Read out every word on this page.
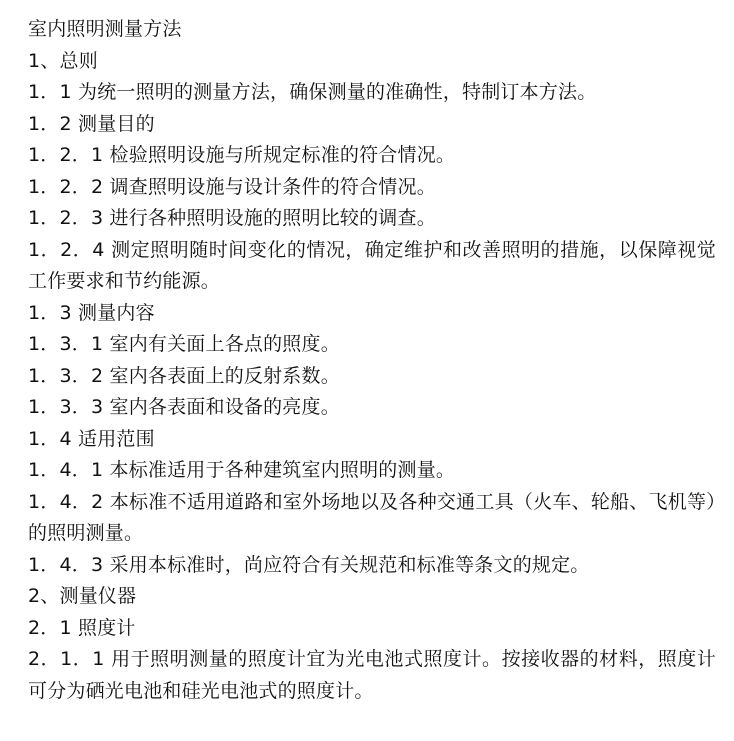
室内照明测量方法
1、总则
1．1 为统一照明的测量方法，确保测量的准确性，特制订本方法。
1．2 测量目的
1．2．1 检验照明设施与所规定标准的符合情况。
1．2．2 调查照明设施与设计条件的符合情况。
1．2．3 进行各种照明设施的照明比较的调查。
1．2．4 测定照明随时间变化的情况，确定维护和改善照明的措施，以保障视觉工作要求和节约能源。
1．3 测量内容
1．3．1 室内有关面上各点的照度。
1．3．2 室内各表面上的反射系数。
1．3．3 室内各表面和设备的亮度。
1．4 适用范围
1．4．1 本标准适用于各种建筑室内照明的测量。
1．4．2 本标准不适用道路和室外场地以及各种交通工具（火车、轮船、飞机等）的照明测量。
1．4．3 采用本标准时，尚应符合有关规范和标准等条文的规定。
2、测量仪器
2．1 照度计
2．1．1 用于照明测量的照度计宜为光电池式照度计。按接收器的材料，照度计可分为硒光电池和硅光电池式的照度计。
